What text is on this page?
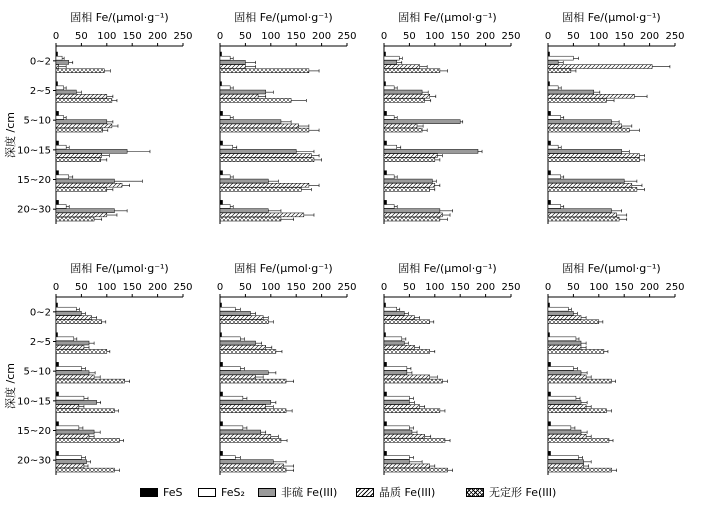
固相 Fe/(μmol·g⁻¹)
0 50 100 150 200 250
0~2
2~5
5~10
10~15
15~20
20~30
深度 /cm
固相 Fe/(μmol·g⁻¹)
0 50 100 150 200 250
固相 Fe/(μmol·g⁻¹)
0 50 100 150 200 250
固相 Fe/(μmol·g⁻¹)
0 50 100 150 200 250
固相 Fe/(μmol·g⁻¹)
0 50 100 150 200 250
0~2
2~5
5~10
10~15
15~20
20~30
深度 /cm
固相 Fe/(μmol·g⁻¹)
0 50 100 150 200 250
固相 Fe/(μmol·g⁻¹)
0 50 100 150 200 250
固相 Fe/(μmol·g⁻¹)
0 50 100 150 200 250
FeS	FeS₂	非硫 Fe(III)	晶质 Fe(III)	无定形 Fe(III)
